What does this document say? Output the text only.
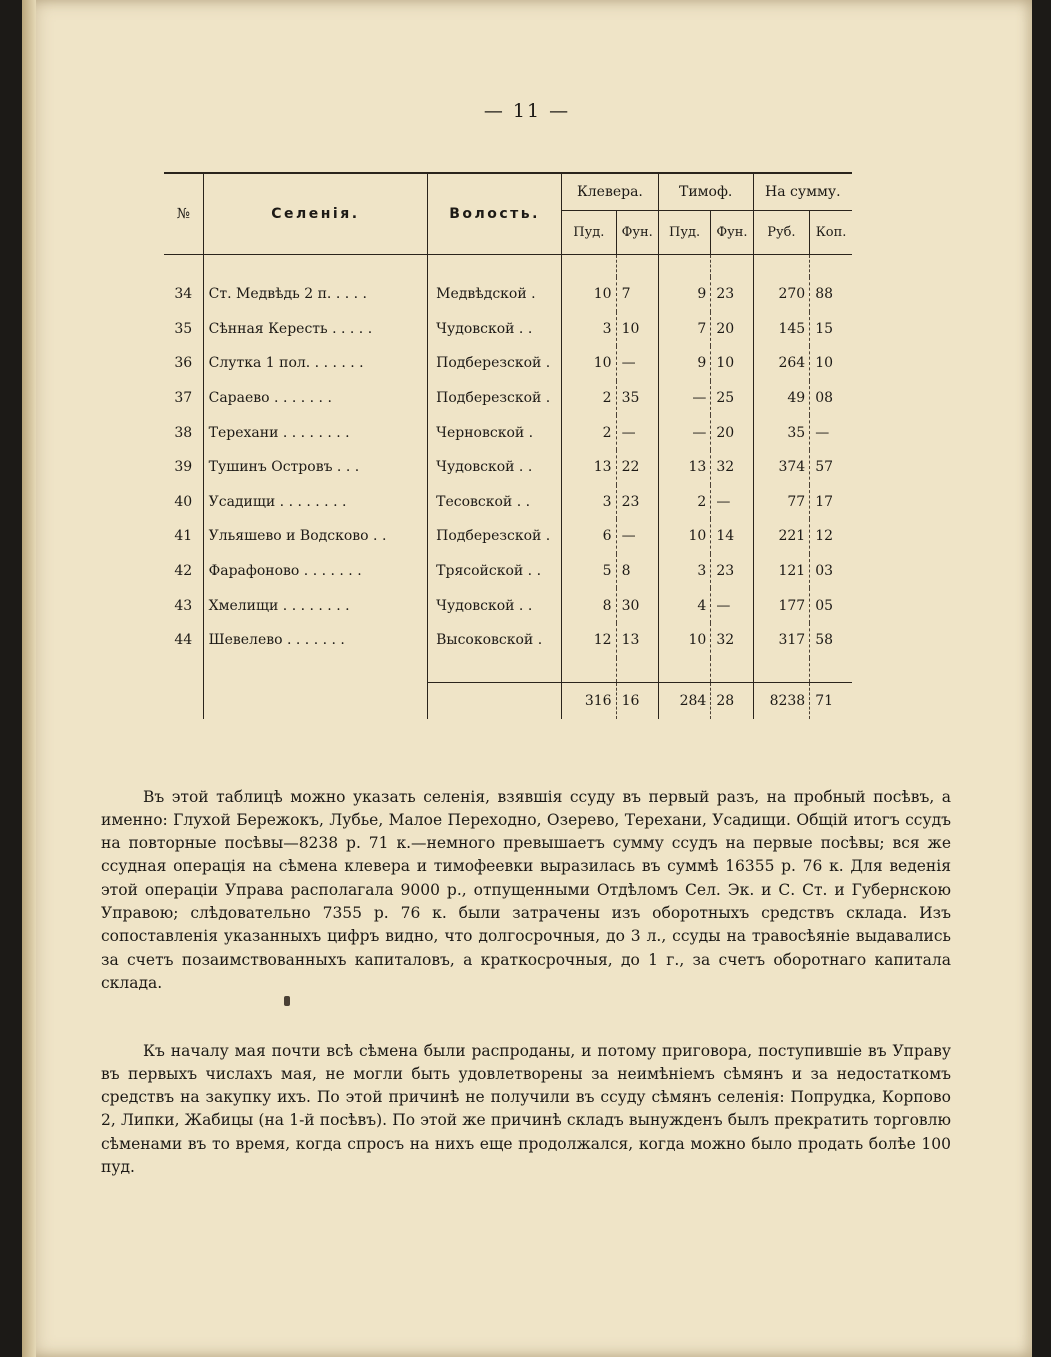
— 11 —
№	Селенія.	Волость.	Клевера.		Тимоф.		На сумму.	
			Пуд.	Фун.	Пуд.	Фун.	Руб.	Коп.

34	Ст. Медвѣдь 2 п. . . . .	Медвѣдской .	10	7	9	23	270	88
35	Сѣнная Кересть . . . . .	Чудовской . .	3	10	7	20	145	15
36	Слутка 1 пол. . . . . . .	Подберезской .	10	—	9	10	264	10
37	Сараево . . . . . . .	Подберезской .	2	35	—	25	49	08
38	Терехани . . . . . . . .	Черновской .	2	—	—	20	35	—
39	Тушинъ Островъ . . .	Чудовской . .	13	22	13	32	374	57
40	Усадищи . . . . . . . .	Тесовской . .	3	23	2	—	77	17
41	Ульяшево и Водсково . .	Подберезской .	6	—	10	14	221	12
42	Фарафоново . . . . . . .	Трясойской . .	5	8	3	23	121	03
43	Хмелищи . . . . . . . .	Чудовской . .	8	30	4	—	177	05
44	Шевелево . . . . . . .	Высоковской .	12	13	10	32	317	58

			316	16	284	28	8238	71

Въ этой таблицѣ можно указать селенія, взявшія ссуду въ первый разъ, на пробный посѣвъ, а именно: Глухой Бережокъ, Лубье, Малое Переходно, Озерево, Терехани, Усадищи. Общій итогъ ссудъ на повторные посѣвы—8238 р. 71 к.—немного превышаетъ сумму ссудъ на первые посѣвы; вся же ссудная операція на сѣмена клевера и тимофеевки выразилась въ суммѣ 16355 р. 76 к. Для веденія этой операціи Управа располагала 9000 р., отпущенными Отдѣломъ Сел. Эк. и С. Ст. и Губернскою Управою; слѣдовательно 7355 р. 76 к. были затрачены изъ оборотныхъ средствъ склада. Изъ сопоставленія указанныхъ цифръ видно, что долгосрочныя, до 3 л., ссуды на травосѣяніе выдавались за счетъ позаимствованныхъ капиталовъ, а краткосрочныя, до 1 г., за счетъ оборотнаго капитала склада.

Къ началу мая почти всѣ сѣмена были распроданы, и потому приговора, поступившіе въ Управу въ первыхъ числахъ мая, не могли быть удовлетворены за неимѣніемъ сѣмянъ и за недостаткомъ средствъ на закупку ихъ. По этой причинѣ не получили въ ссуду сѣмянъ селенія: Попрудка, Корпово 2, Липки, Жабицы (на 1-й посѣвъ). По этой же причинѣ складъ вынужденъ былъ прекратить торговлю сѣменами въ то время, когда спросъ на нихъ еще продолжался, когда можно было продать болѣе 100 пуд.
